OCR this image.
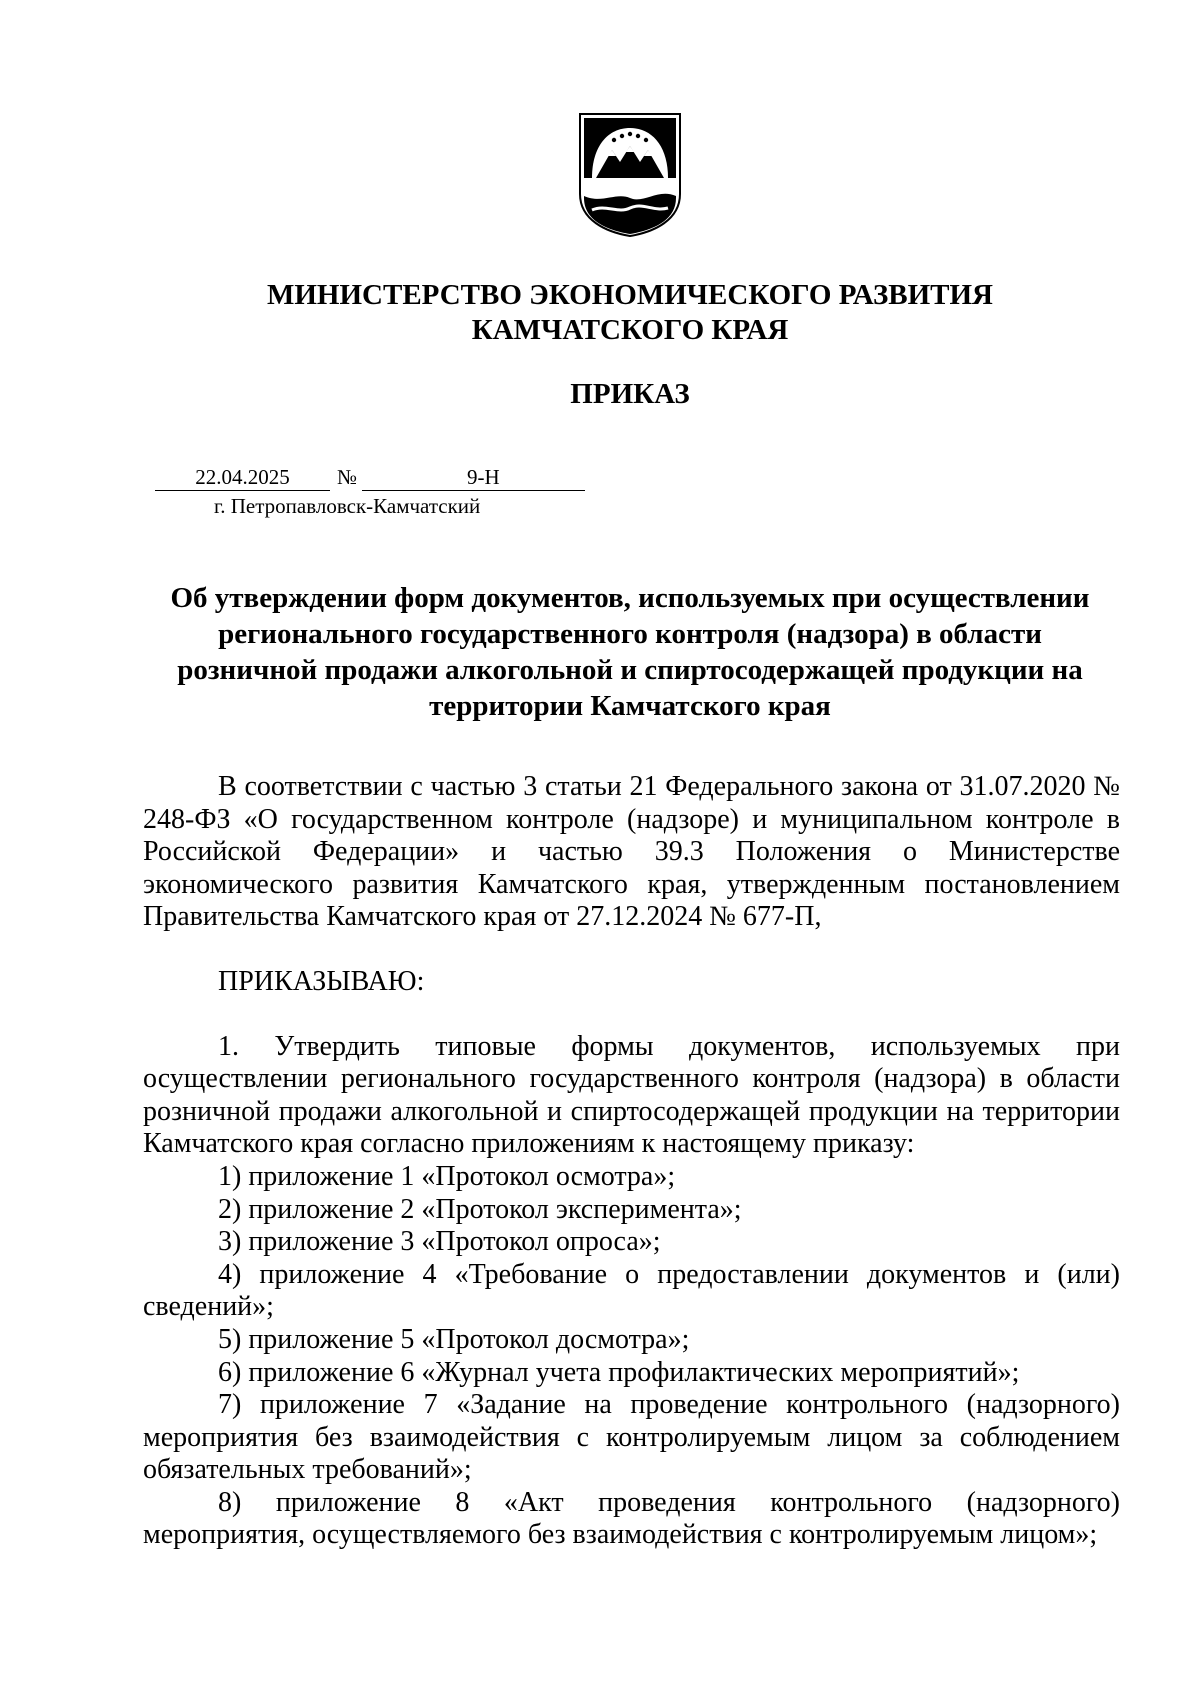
МИНИСТЕРСТВО ЭКОНОМИЧЕСКОГО РАЗВИТИЯ
КАМЧАТСКОГО КРАЯ
ПРИКАЗ
22.04.2025	№	9-Н
г. Петропавловск-Камчатский
Об утверждении форм документов, используемых при осуществлении
регионального государственного контроля (надзора) в области
розничной продажи алкогольной и спиртосодержащей продукции на
территории Камчатского края

В соответствии с частью 3 статьи 21 Федерального закона от 31.07.2020 № 248-ФЗ «О государственном контроле (надзоре) и муниципальном контроле в Российской Федерации» и частью 39.3 Положения о Министерстве экономического развития Камчатского края, утвержденным постановлением Правительства Камчатского края от 27.12.2024 № 677-П,

ПРИКАЗЫВАЮ:

1. Утвердить типовые формы документов, используемых при осуществлении регионального государственного контроля (надзора) в области розничной продажи алкогольной и спиртосодержащей продукции на территории Камчатского края согласно приложениям к настоящему приказу:

1) приложение 1 «Протокол осмотра»;

2) приложение 2 «Протокол эксперимента»;

3) приложение 3 «Протокол опроса»;

4) приложение 4 «Требование о предоставлении документов и (или) сведений»;

5) приложение 5 «Протокол досмотра»;

6) приложение 6 «Журнал учета профилактических мероприятий»;

7) приложение 7 «Задание на проведение контрольного (надзорного) мероприятия без взаимодействия с контролируемым лицом за соблюдением обязательных требований»;

8) приложение 8 «Акт проведения контрольного (надзорного) мероприятия, осуществляемого без взаимодействия с контролируемым лицом»;
